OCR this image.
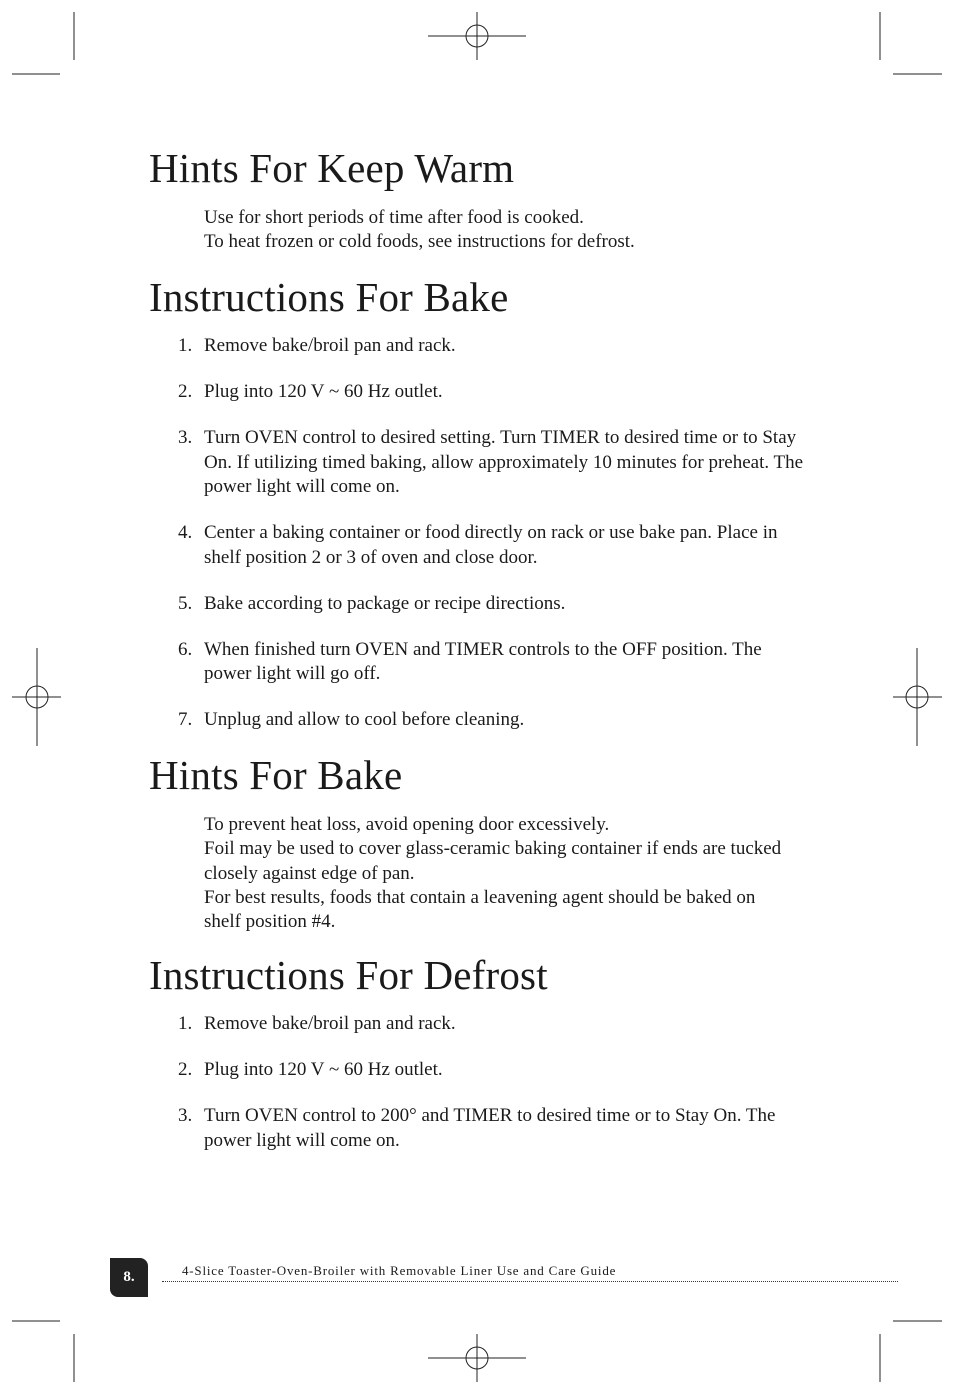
Hints For Keep Warm

Use for short periods of time after food is cooked.

To heat frozen or cold foods, see instructions for defrost.

Instructions For Bake
1. Remove bake/broil pan and rack.
2. Plug into 120 V ~ 60 Hz outlet.
3. Turn OVEN control to desired setting. Turn TIMER to desired time or to Stay On. If utilizing timed baking, allow approximately 10 minutes for preheat. The power light will come on.
4. Center a baking container or food directly on rack or use bake pan. Place in shelf position 2 or 3 of oven and close door.
5. Bake according to package or recipe directions.
6. When finished turn OVEN and TIMER controls to the OFF position. The power light will go off.
7. Unplug and allow to cool before cleaning.
Hints For Bake

To prevent heat loss, avoid opening door excessively.

Foil may be used to cover glass-ceramic baking container if ends are tucked closely against edge of pan.

For best results, foods that contain a leavening agent should be baked on shelf position #4.

Instructions For Defrost
1. Remove bake/broil pan and rack.
2. Plug into 120 V ~ 60 Hz outlet.
3. Turn OVEN control to 200° and TIMER to desired time or to Stay On. The power light will come on.
8.	4-Slice Toaster-Oven-Broiler with Removable Liner Use and Care Guide
